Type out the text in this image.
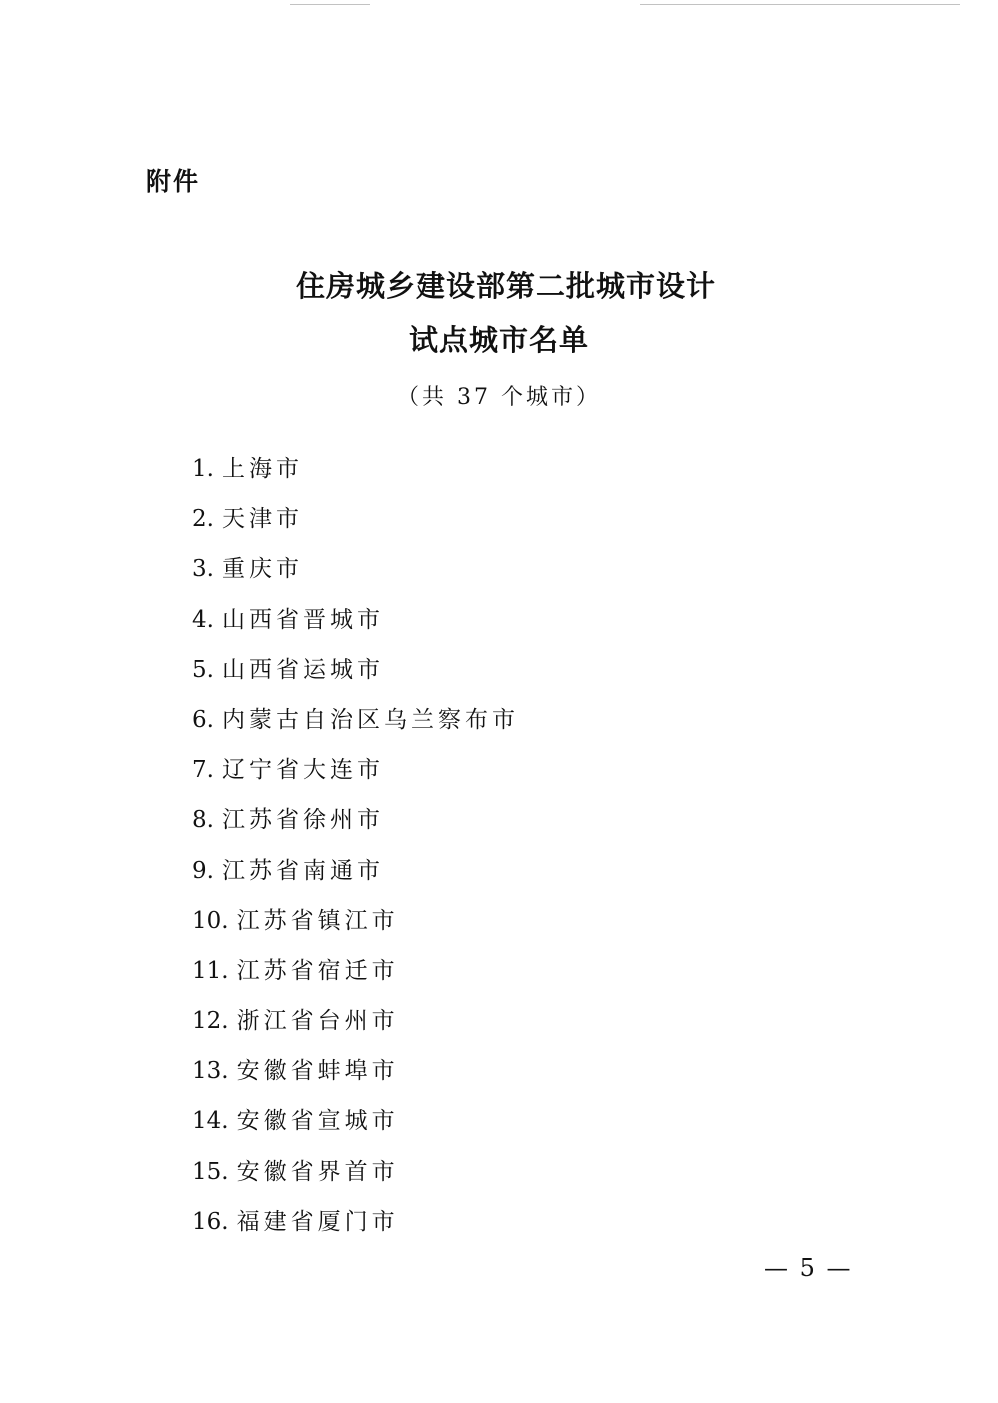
附件
住房城乡建设部第二批城市设计
试点城市名单
（共 37 个城市）
1. 上海市
2. 天津市
3. 重庆市
4. 山西省晋城市
5. 山西省运城市
6. 内蒙古自治区乌兰察布市
7. 辽宁省大连市
8. 江苏省徐州市
9. 江苏省南通市
10. 江苏省镇江市
11. 江苏省宿迁市
12. 浙江省台州市
13. 安徽省蚌埠市
14. 安徽省宣城市
15. 安徽省界首市
16. 福建省厦门市
— 5 —
